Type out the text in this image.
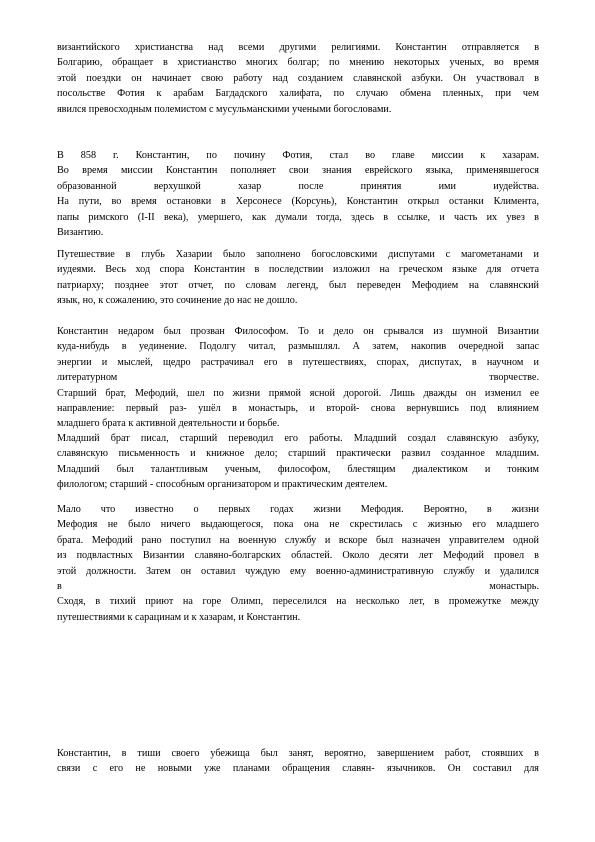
византийского христианства над всеми другими религиями. Константин отправляется в
Болгарию, обращает в христианство многих болгар; по мнению некоторых ученых, во время
этой поездки он начинает свою работу над созданием славянской азбуки. Он участвовал в
посольстве Фотия к арабам Багдадского халифата, по случаю обмена пленных, при чем
явился превосходным полемистом с мусульманскими учеными богословами.
В 858 г. Константин, по почину Фотия, стал во главе миссии к хазарам.
Во время миссии Константин пополняет свои знания еврейского языка, применявшегося
образованной верхушкой хазар после принятия ими иудейства.
На пути, во время остановки в Херсонесе (Корсунь), Константин открыл останки Климента,
папы римского (I-II века), умершего, как думали тогда, здесь в ссылке, и часть их увез в
Византию.
Путешествие в глубь Хазарии было заполнено богословскими диспутами с магометанами и
иудеями. Весь ход спора Константин в последствии изложил на греческом языке для отчета
патриарху; позднее этот отчет, по словам легенд, был переведен Мефодием на славянский
язык, но, к сожалению, это сочинение до нас не дошло.
Константин недаром был прозван Философом. То и дело он срывался из шумной Византии
куда-нибудь в уединение. Подолгу читал, размышлял. А затем, накопив очередной запас
энергии и мыслей, щедро растрачивал его в путешествиях, спорах, диспутах, в научном и
литературном творчестве.
Старший брат, Мефодий, шел по жизни прямой ясной дорогой. Лишь дважды он изменил ее
направление: первый раз- ушёл в монастырь, и второй- снова вернувшись под влиянием
младшего брата к активной деятельности и борьбе.
Младший брат писал, старший переводил его работы. Младший создал славянскую азбуку,
славянскую письменность и книжное дело; старший практически развил созданное младшим.
Младший был талантливым ученым, философом, блестящим диалектиком и тонким
филологом; старший - способным организатором и практическим деятелем.
Мало что известно о первых годах жизни Мефодия. Вероятно, в жизни
Мефодия не было ничего выдающегося, пока она не скрестилась с жизнью его младшего
брата. Мефодий рано поступил на военную службу и вскоре был назначен управителем одной
из подвластных Византии славяно-болгарских областей. Около десяти лет Мефодий провел в
этой должности. Затем он оставил чуждую ему военно-административную службу и удалился
в монастырь.
Сходя, в тихий приют на горе Олимп, переселился на несколько лет, в промежутке между
путешествиями к сарацинам и к хазарам, и Константин.
Константин, в тиши своего убежища был занят, вероятно, завершением работ, стоявших в
связи с его не новыми уже планами обращения славян- язычников. Он составил для
